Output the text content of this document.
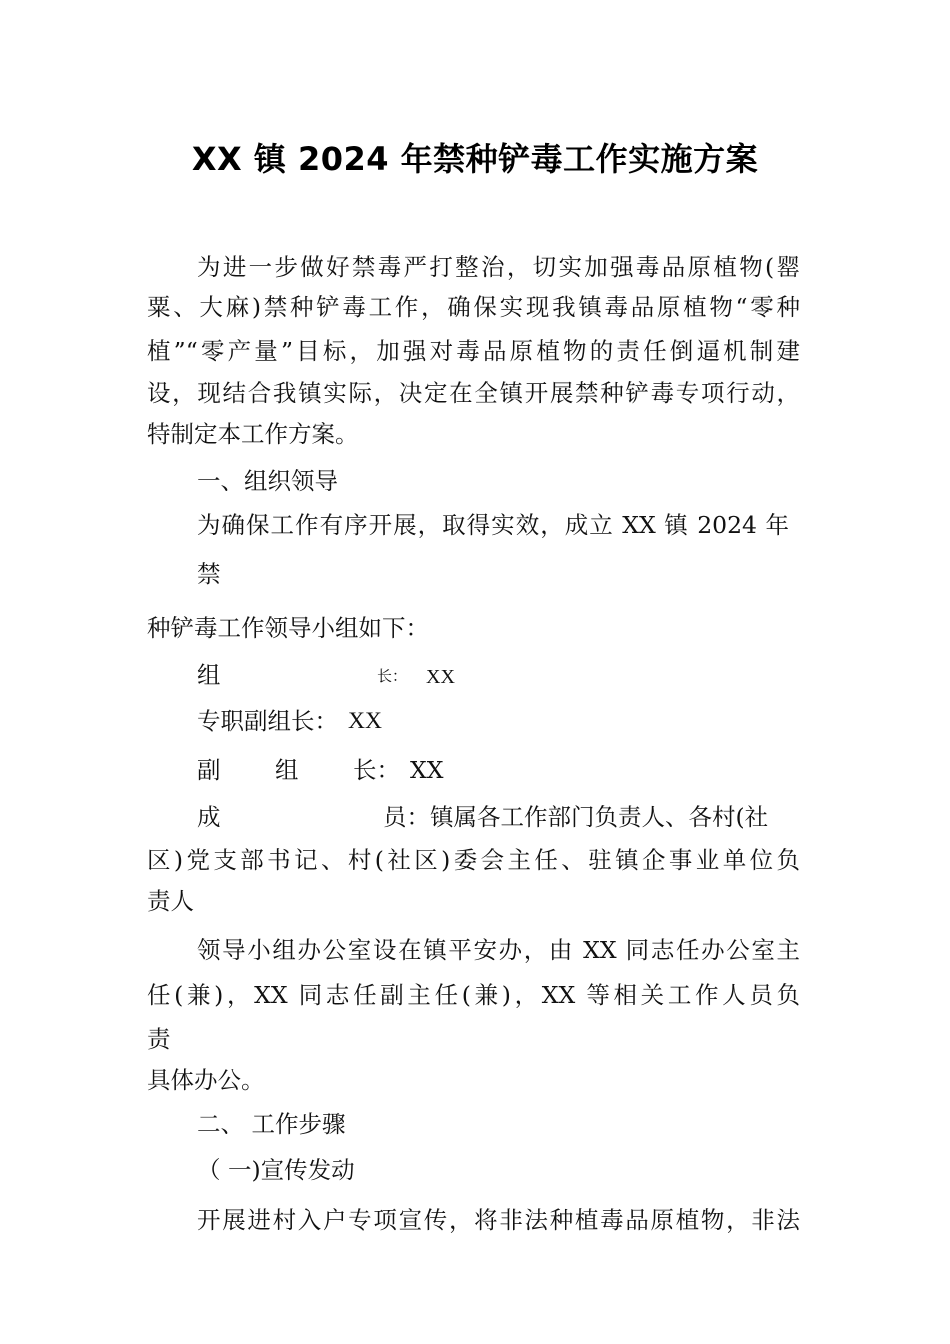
XX 镇 2024 年禁种铲毒工作实施方案
为进一步做好禁毒严打整治，切实加强毒品原植物(罂
粟、大麻)禁种铲毒工作，确保实现我镇毒品原植物“零种
植”“零产量”目标，加强对毒品原植物的责任倒逼机制建
设，现结合我镇实际，决定在全镇开展禁种铲毒专项行动，
特制定本工作方案。
一、组织领导
为确保工作有序开展，取得实效，成立 XX 镇 2024 年
禁
种铲毒工作领导小组如下：
组	长： XX
专职副组长： XX
副 组 长： XX
成	员：镇属各工作部门负责人、各村(社
区)党支部书记、村(社区)委会主任、驻镇企事业单位负
责人
领导小组办公室设在镇平安办，由 XX 同志任办公室主
任(兼)，XX 同志任副主任(兼)，XX 等相关工作人员负
责
具体办公。
二、 工作步骤
（ 一)宣传发动
开展进村入户专项宣传，将非法种植毒品原植物，非法
